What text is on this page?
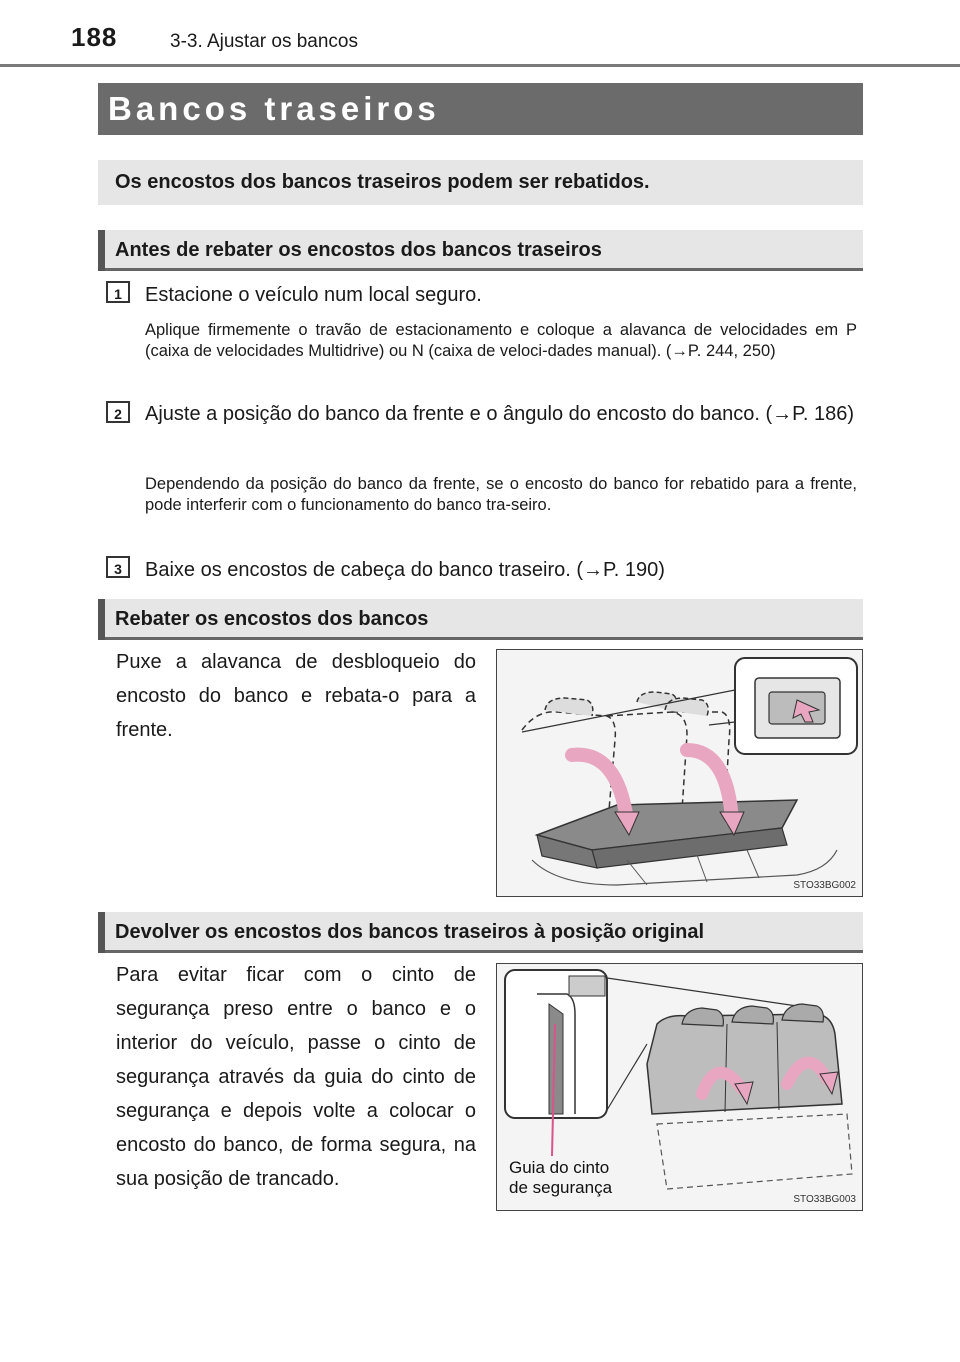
188	3-3. Ajustar os bancos
Bancos traseiros
Os encostos dos bancos traseiros podem ser rebatidos.
Antes de rebater os encostos dos bancos traseiros
1	Estacione o veículo num local seguro.
Aplique firmemente o travão de estacionamento e coloque a alavanca de velocidades em P (caixa de velocidades Multidrive) ou N (caixa de veloci-dades manual). (→P. 244, 250)
2	Ajuste a posição do banco da frente e o ângulo do encosto do banco. (→P. 186)
Dependendo da posição do banco da frente, se o encosto do banco for rebatido para a frente, pode interferir com o funcionamento do banco tra-seiro.
3	Baixe os encostos de cabeça do banco traseiro. (→P. 190)
Rebater os encostos dos bancos
Puxe a alavanca de desbloqueio do encosto do banco e rebata-o para a frente.
STO33BG002
Devolver os encostos dos bancos traseiros à posição original
Para evitar ficar com o cinto de segurança preso entre o banco e o interior do veículo, passe o cinto de segurança através da guia do cinto de segurança e depois volte a colocar o encosto do banco, de forma segura, na sua posição de trancado.
Guia do cinto
de segurança
STO33BG003
